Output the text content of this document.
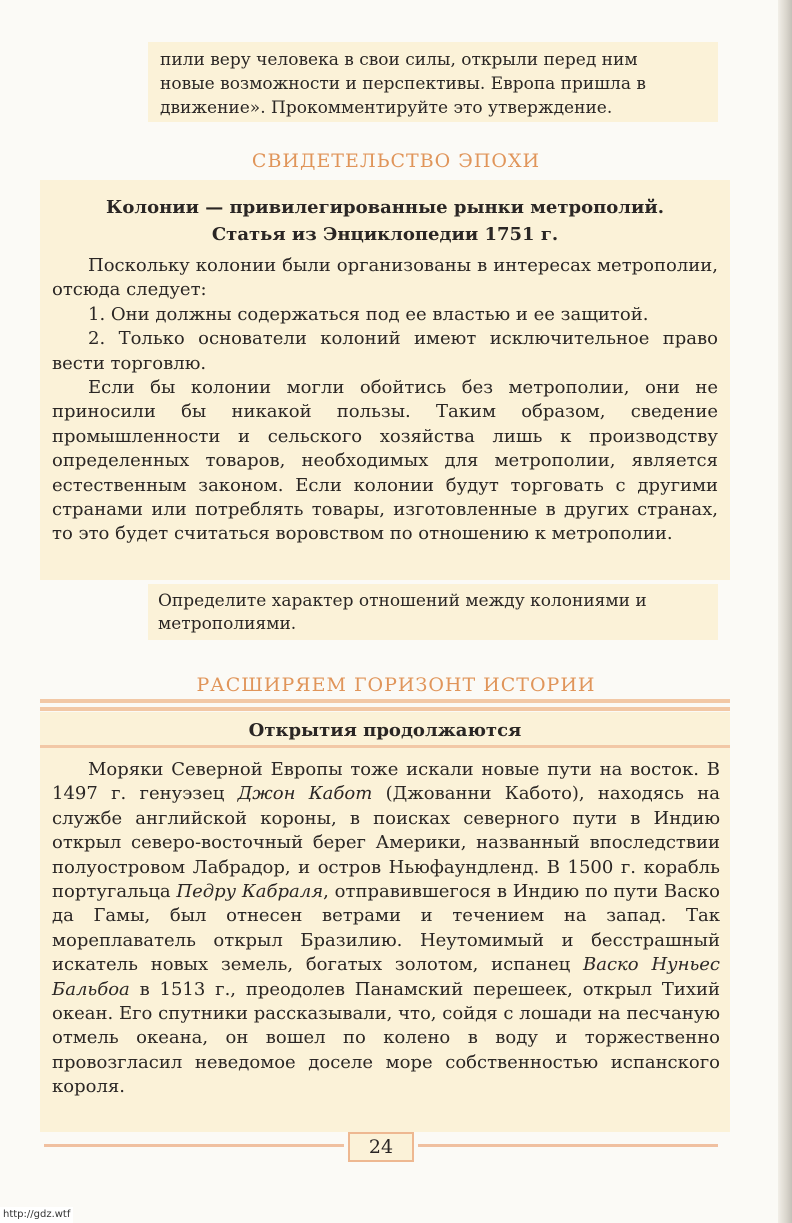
пили веру человека в свои силы, открыли перед ним
новые возможности и перспективы. Европа пришла в
движение». Прокомментируйте это утверждение.

СВИДЕТЕЛЬСТВО ЭПОХИ
Колонии — привилегированные рынки метрополий.
Статья из Энциклопедии 1751 г.

Поскольку колонии были организованы в интересах метрополии, отсюда следует:

1. Они должны содержаться под ее властью и ее защитой.

2. Только основатели колоний имеют исключительное право вести торговлю.

Если бы колонии могли обойтись без метрополии, они не приносили бы никакой пользы. Таким образом, сведение промышленности и сельского хозяйства лишь к производству определенных товаров, необходимых для метрополии, является естественным законом. Если колонии будут торговать с другими странами или потреблять товары, изготовленные в других странах, то это будет считаться воровством по отношению к метрополии.

Определите характер отношений между колониями и метрополиями.

РАСШИРЯЕМ ГОРИЗОНТ ИСТОРИИ
Открытия продолжаются

Моряки Северной Европы тоже искали новые пути на восток. В 1497 г. генуэзец Джон Кабот (Джованни Кабото), находясь на службе английской короны, в поисках северного пути в Индию открыл северо-восточный берег Америки, названный впоследствии полуостровом Лабрадор, и остров Ньюфаундленд. В 1500 г. корабль португальца Педру Кабраля, отправившегося в Индию по пути Васко да Гамы, был отнесен ветрами и течением на запад. Так мореплаватель открыл Бразилию. Неутомимый и бесстрашный искатель новых земель, богатых золотом, испанец Васко Нуньес Бальбоа в 1513 г., преодолев Панамский перешеек, открыл Тихий океан. Его спутники рассказывали, что, сойдя с лошади на песчаную отмель океана, он вошел по колено в воду и торжественно провозгласил неведомое доселе море собственностью испанского короля.

24
http://gdz.wtf
